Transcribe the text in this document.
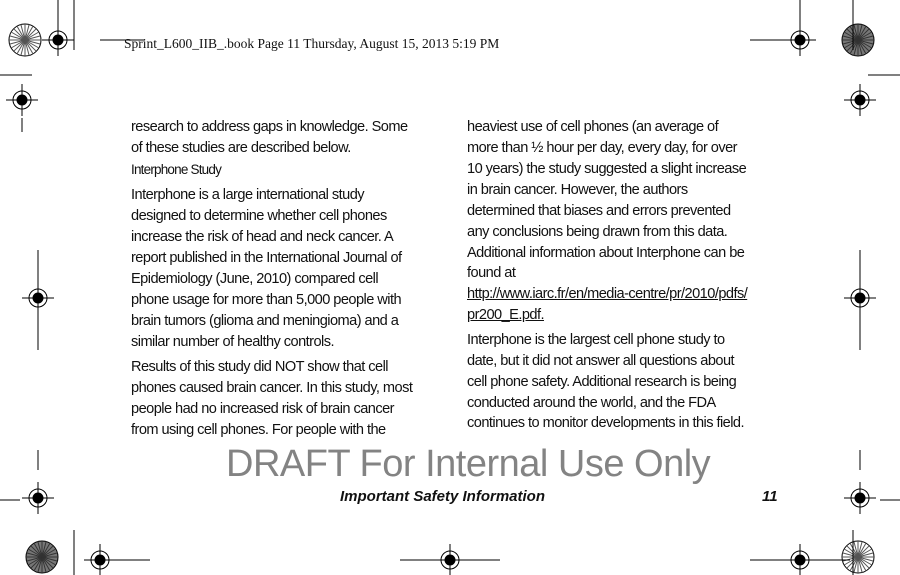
Sprint_L600_IIB_.book Page 11 Thursday, August 15, 2013 5:19 PM
research to address gaps in knowledge. Some
of these studies are described below.
Interphone Study
Interphone is a large international study
designed to determine whether cell phones
increase the risk of head and neck cancer. A
report published in the International Journal of
Epidemiology (June, 2010) compared cell
phone usage for more than 5,000 people with
brain tumors (glioma and meningioma) and a
similar number of healthy controls.
Results of this study did NOT show that cell
phones caused brain cancer. In this study, most
people had no increased risk of brain cancer
from using cell phones. For people with the
heaviest use of cell phones (an average of
more than ½ hour per day, every day, for over
10 years) the study suggested a slight increase
in brain cancer. However, the authors
determined that biases and errors prevented
any conclusions being drawn from this data.
Additional information about Interphone can be
found at
http://www.iarc.fr/en/media-centre/pr/2010/pdfs/
pr200_E.pdf.
Interphone is the largest cell phone study to
date, but it did not answer all questions about
cell phone safety. Additional research is being
conducted around the world, and the FDA
continues to monitor developments in this field.
DRAFT For Internal Use Only
Important Safety Information	11
